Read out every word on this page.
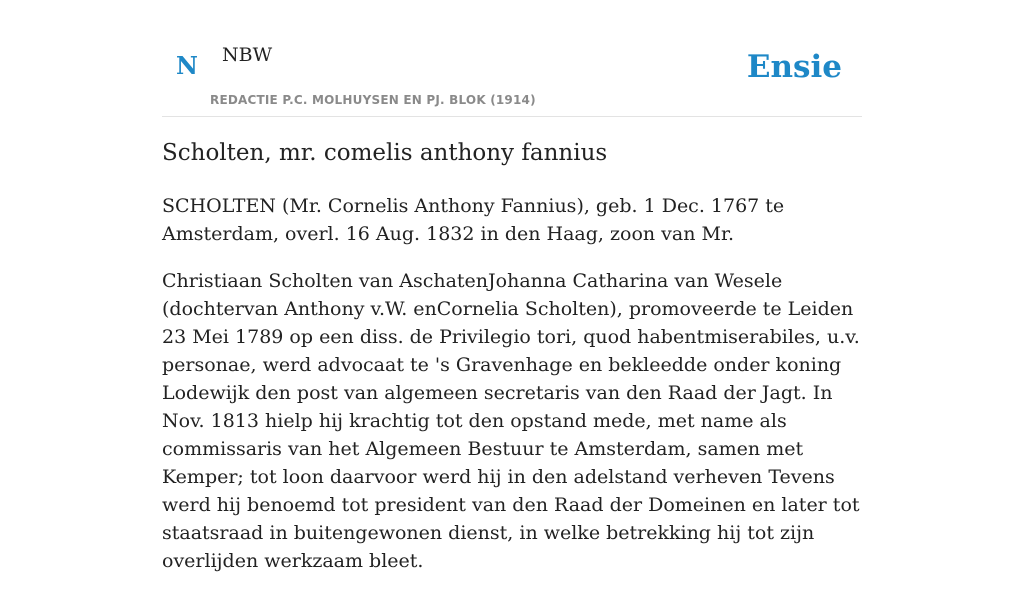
N NBW
REDACTIE P.C. MOLHUYSEN EN PJ. BLOK (1914)
Ensie
Scholten, mr. comelis anthony fannius

SCHOLTEN (Mr. Cornelis Anthony Fannius), geb. 1 Dec. 1767 te Amsterdam, overl. 16 Aug. 1832 in den Haag, zoon van Mr.

Christiaan Scholten van AschatenJohanna Catharina van Wesele (dochtervan Anthony v.W. enCornelia Scholten), promoveerde te Leiden 23 Mei 1789 op een diss. de Privilegio tori, quod habentmiserabiles, u.v. personae, werd advocaat te 's Gravenhage en bekleedde onder koning Lodewijk den post van algemeen secretaris van den Raad der Jagt. In Nov. 1813 hielp hij krachtig tot den opstand mede, met name als commissaris van het Algemeen Bestuur te Amsterdam, samen met Kemper; tot loon daarvoor werd hij in den adelstand verheven Tevens werd hij benoemd tot president van den Raad der Domeinen en later tot staatsraad in buitengewonen dienst, in welke betrekking hij tot zijn overlijden werkzaam bleet.
